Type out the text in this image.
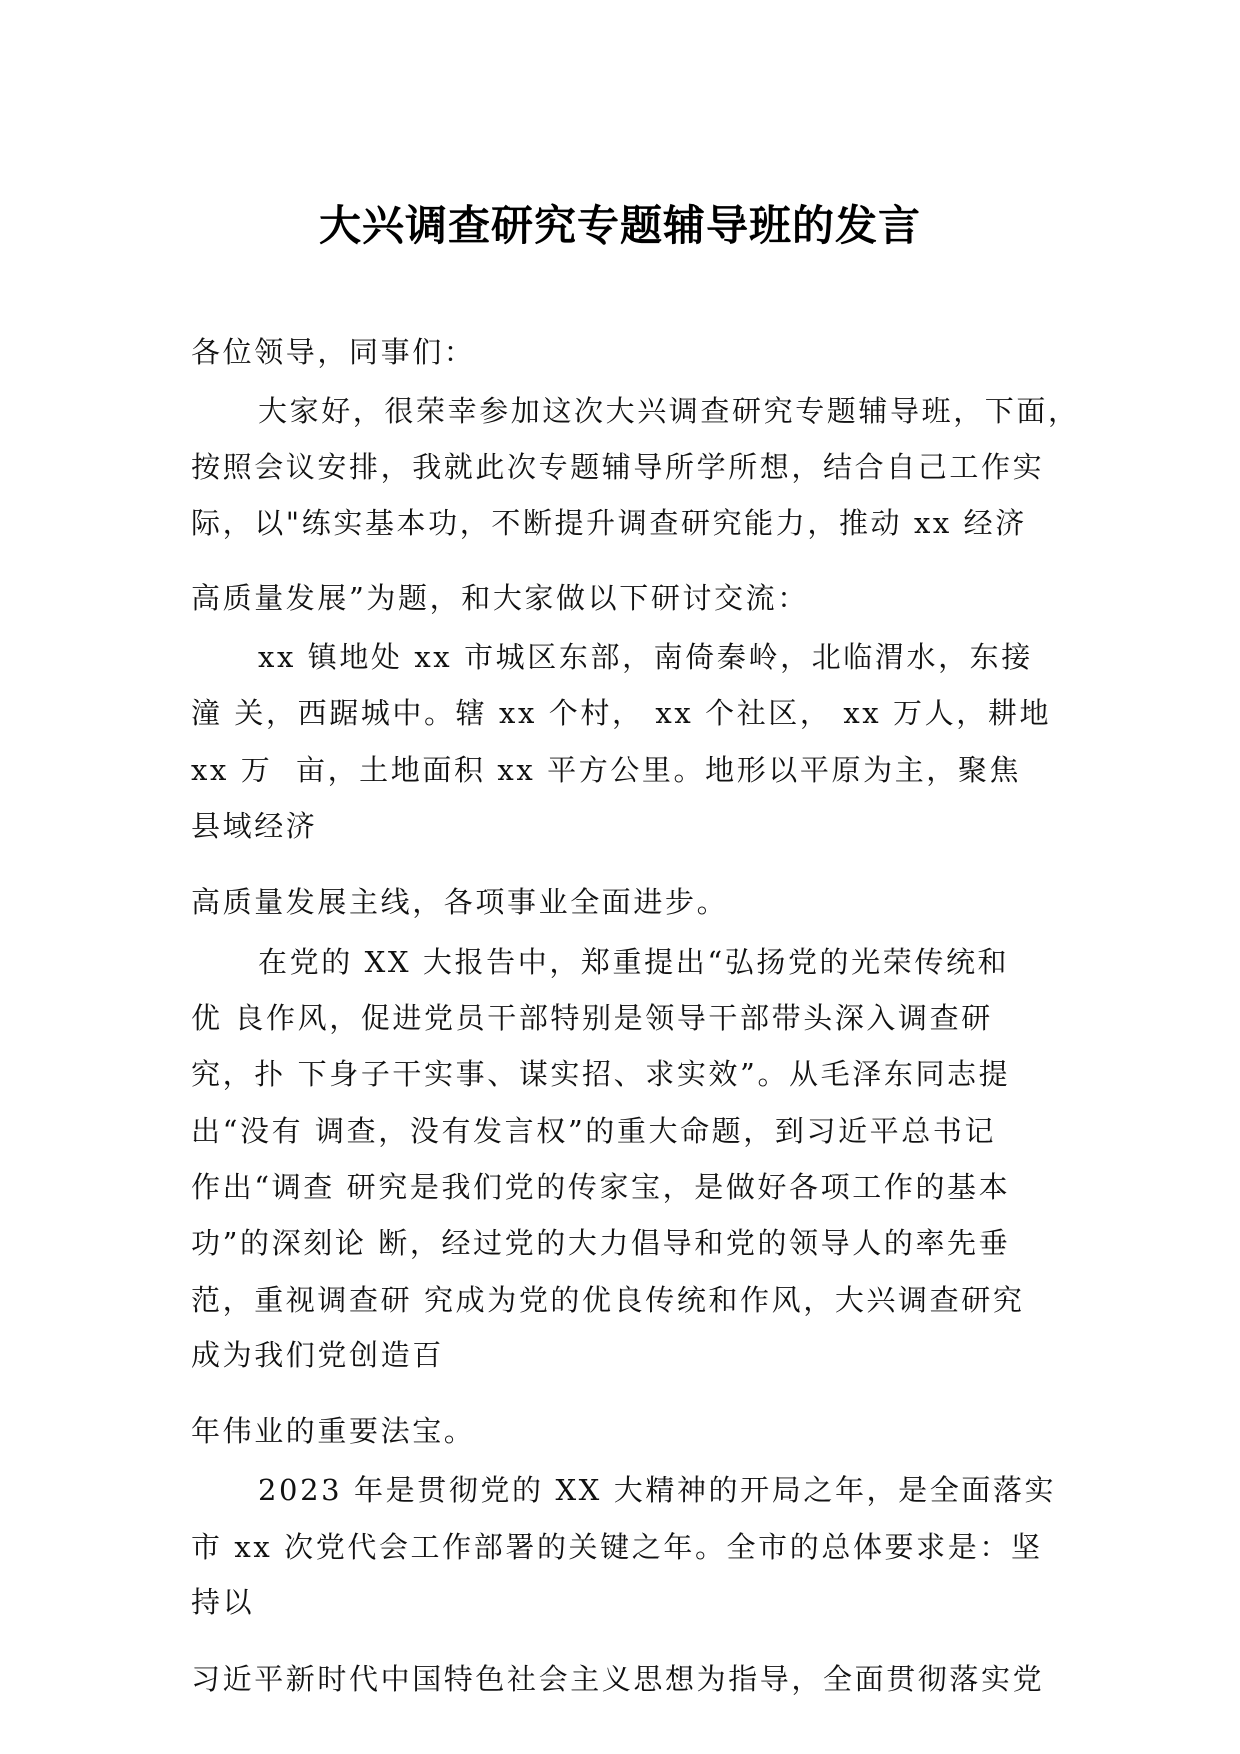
大兴调查研究专题辅导班的发言
各位领导，同事们：
大家好，很荣幸参加这次大兴调查研究专题辅导班，下面，
按照会议安排，我就此次专题辅导所学所想，结合自己工作实
际，以"练实基本功，不断提升调查研究能力，推动 xx 经济
高质量发展”为题，和大家做以下研讨交流：
xx 镇地处 xx 市城区东部，南倚秦岭，北临渭水，东接
潼 关，西踞城中。辖 xx 个村， xx 个社区， xx 万人，耕地
xx 万  亩，土地面积 xx 平方公里。地形以平原为主，聚焦
县域经济
高质量发展主线，各项事业全面进步。
在党的 XX 大报告中，郑重提出“弘扬党的光荣传统和
优 良作风，促进党员干部特别是领导干部带头深入调查研
究，扑 下身子干实事、谋实招、求实效”。从毛泽东同志提
出“没有 调查，没有发言权”的重大命题，到习近平总书记
作出“调查 研究是我们党的传家宝，是做好各项工作的基本
功”的深刻论 断，经过党的大力倡导和党的领导人的率先垂
范，重视调查研 究成为党的优良传统和作风，大兴调查研究
成为我们党创造百
年伟业的重要法宝。
2023 年是贯彻党的 XX 大精神的开局之年，是全面落实
市 xx 次党代会工作部署的关键之年。全市的总体要求是：坚
持以
习近平新时代中国特色社会主义思想为指导，全面贯彻落实党
